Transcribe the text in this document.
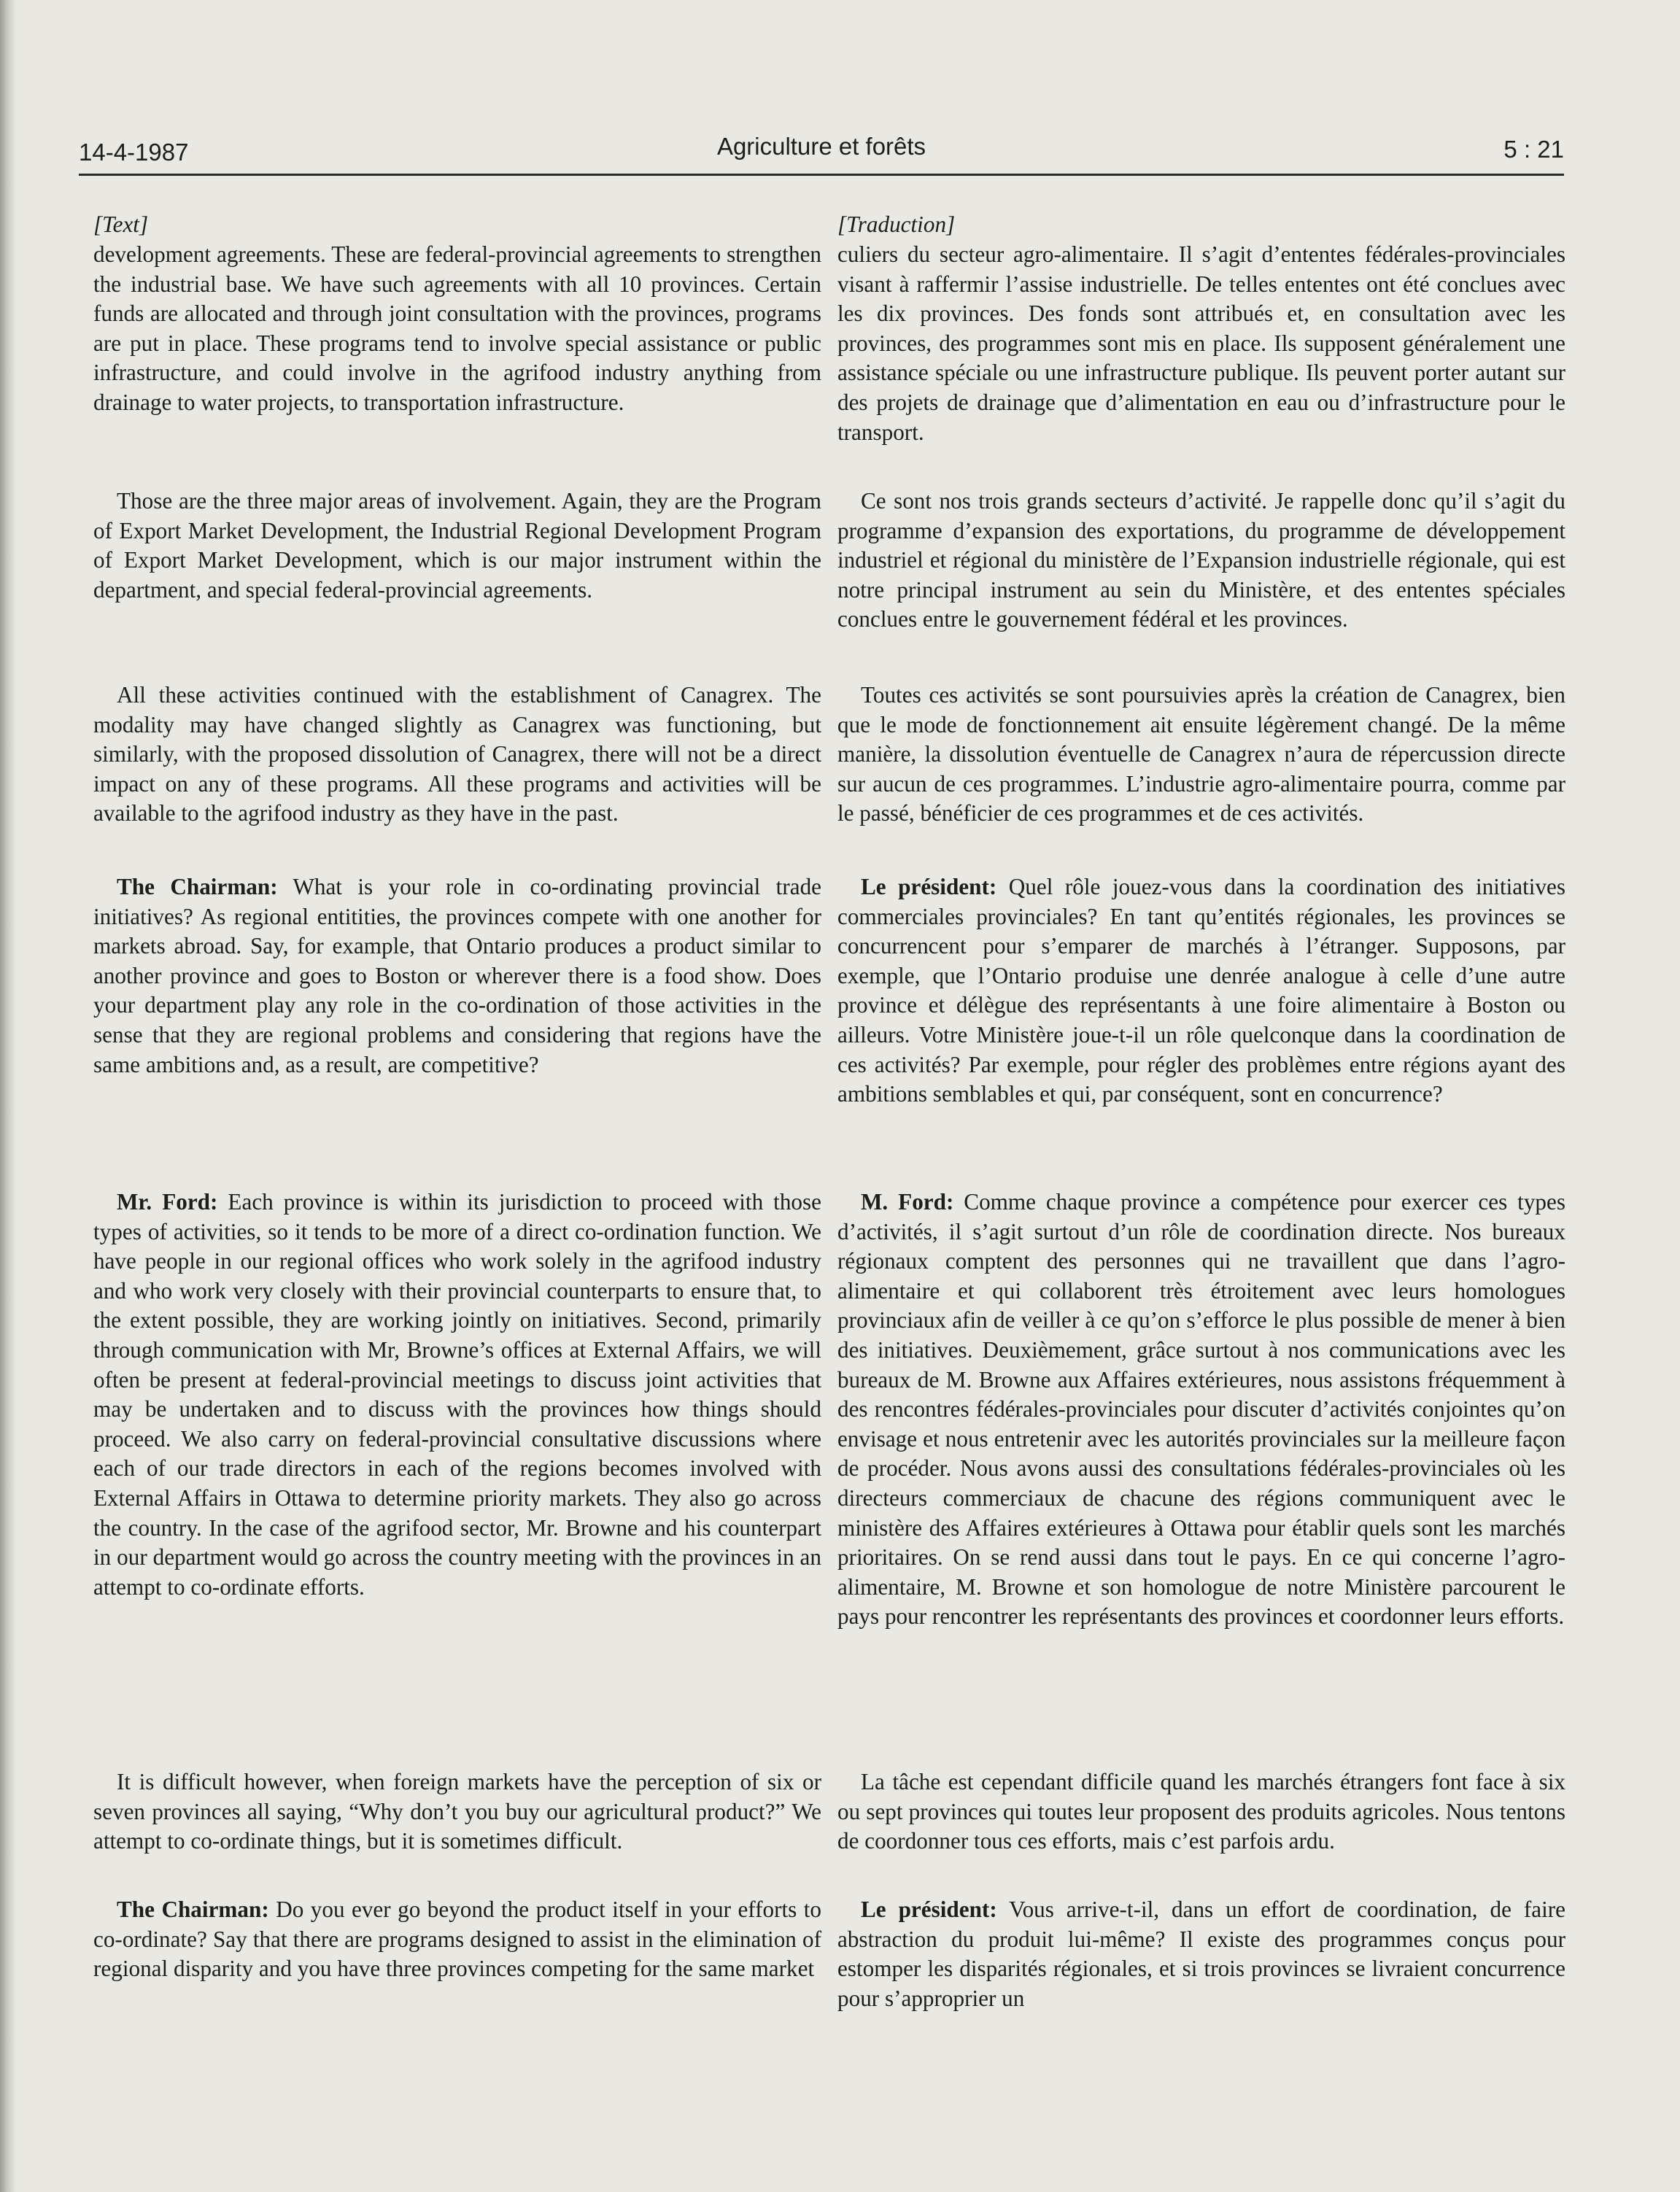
14-4-1987	Agriculture et forêts	5 : 21
[Text]

development agreements. These are federal-provincial agreements to strengthen the industrial base. We have such agreements with all 10 provinces. Certain funds are allocated and through joint consultation with the provinces, programs are put in place. These programs tend to involve special assistance or public infrastructure, and could involve in the agrifood industry anything from drainage to water projects, to transportation infrastructure.

Those are the three major areas of involvement. Again, they are the Program of Export Market Development, the Industrial Regional Development Program of Export Market Development, which is our major instrument within the department, and special federal-provincial agreements.

All these activities continued with the establishment of Canagrex. The modality may have changed slightly as Canagrex was functioning, but similarly, with the proposed dissolution of Canagrex, there will not be a direct impact on any of these programs. All these programs and activities will be available to the agrifood industry as they have in the past.

The Chairman: What is your role in co-ordinating provincial trade initiatives? As regional entitities, the provinces compete with one another for markets abroad. Say, for example, that Ontario produces a product similar to another province and goes to Boston or wherever there is a food show. Does your department play any role in the co-ordination of those activities in the sense that they are regional problems and considering that regions have the same ambitions and, as a result, are competitive?

Mr. Ford: Each province is within its jurisdiction to proceed with those types of activities, so it tends to be more of a direct co-ordination function. We have people in our regional offices who work solely in the agrifood industry and who work very closely with their provincial counterparts to ensure that, to the extent possible, they are working jointly on initiatives. Second, primarily through communication with Mr, Browne’s offices at External Affairs, we will often be present at federal-provincial meetings to discuss joint activities that may be undertaken and to discuss with the provinces how things should proceed. We also carry on federal-provincial consultative discussions where each of our trade directors in each of the regions becomes involved with External Affairs in Ottawa to determine priority markets. They also go across the country. In the case of the agrifood sector, Mr. Browne and his counterpart in our department would go across the country meeting with the provinces in an attempt to co-ordinate efforts.

It is difficult however, when foreign markets have the perception of six or seven provinces all saying, “Why don’t you buy our agricultural product?” We attempt to co-ordinate things, but it is sometimes difficult.

The Chairman: Do you ever go beyond the product itself in your efforts to co-ordinate? Say that there are programs designed to assist in the elimination of regional disparity and you have three provinces competing for the same market

[Traduction]

culiers du secteur agro-alimentaire. Il s’agit d’ententes fédérales-provinciales visant à raffermir l’assise industrielle. De telles ententes ont été conclues avec les dix provinces. Des fonds sont attribués et, en consultation avec les provinces, des programmes sont mis en place. Ils supposent généralement une assistance spéciale ou une infrastructure publique. Ils peuvent porter autant sur des projets de drainage que d’alimentation en eau ou d’infrastructure pour le transport.

Ce sont nos trois grands secteurs d’activité. Je rappelle donc qu’il s’agit du programme d’expansion des exportations, du programme de développement industriel et régional du ministère de l’Expansion industrielle régionale, qui est notre principal instrument au sein du Ministère, et des ententes spéciales conclues entre le gouvernement fédéral et les provinces.

Toutes ces activités se sont poursuivies après la création de Canagrex, bien que le mode de fonctionnement ait ensuite légèrement changé. De la même manière, la dissolution éventuelle de Canagrex n’aura de répercussion directe sur aucun de ces programmes. L’industrie agro-alimentaire pourra, comme par le passé, bénéficier de ces programmes et de ces activités.

Le président: Quel rôle jouez-vous dans la coordination des initiatives commerciales provinciales? En tant qu’entités régionales, les provinces se concurrencent pour s’emparer de marchés à l’étranger. Supposons, par exemple, que l’Ontario produise une denrée analogue à celle d’une autre province et délègue des représentants à une foire alimentaire à Boston ou ailleurs. Votre Ministère joue-t-il un rôle quelconque dans la coordination de ces activités? Par exemple, pour régler des problèmes entre régions ayant des ambitions semblables et qui, par conséquent, sont en concurrence?

M. Ford: Comme chaque province a compétence pour exercer ces types d’activités, il s’agit surtout d’un rôle de coordination directe. Nos bureaux régionaux comptent des personnes qui ne travaillent que dans l’agro-alimentaire et qui collaborent très étroitement avec leurs homologues provinciaux afin de veiller à ce qu’on s’efforce le plus possible de mener à bien des initiatives. Deuxièmement, grâce surtout à nos communications avec les bureaux de M. Browne aux Affaires extérieures, nous assistons fréquemment à des rencontres fédérales-provinciales pour discuter d’activités conjointes qu’on envisage et nous entretenir avec les autorités provinciales sur la meilleure façon de procéder. Nous avons aussi des consultations fédérales-provinciales où les directeurs commerciaux de chacune des régions communiquent avec le ministère des Affaires extérieures à Ottawa pour établir quels sont les marchés prioritaires. On se rend aussi dans tout le pays. En ce qui concerne l’agro-alimentaire, M. Browne et son homologue de notre Ministère parcourent le pays pour rencontrer les représentants des provinces et coordonner leurs efforts.

La tâche est cependant difficile quand les marchés étrangers font face à six ou sept provinces qui toutes leur proposent des produits agricoles. Nous tentons de coordonner tous ces efforts, mais c’est parfois ardu.

Le président: Vous arrive-t-il, dans un effort de coordination, de faire abstraction du produit lui-même? Il existe des programmes conçus pour estomper les disparités régionales, et si trois provinces se livraient concurrence pour s’approprier un
